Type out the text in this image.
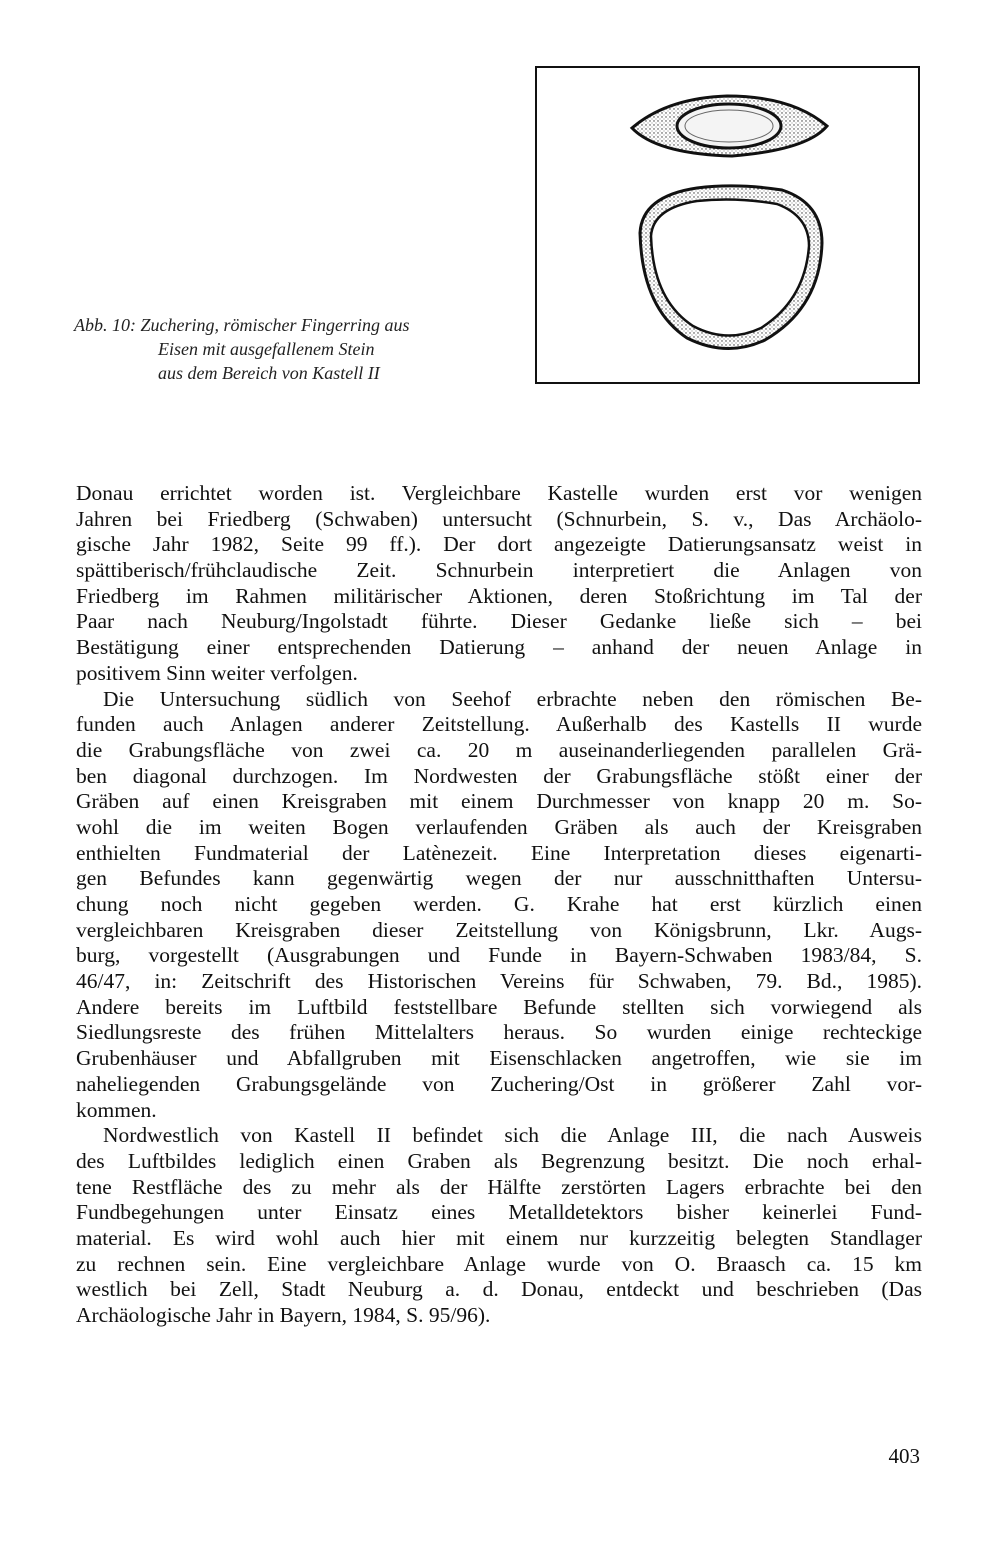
Abb. 10: Zuchering, römischer Fingerring aus
Eisen mit ausgefallenem Stein
aus dem Bereich von Kastell II
Donau errichtet worden ist. Vergleichbare Kastelle wurden erst vor wenigen
Jahren bei Friedberg (Schwaben) untersucht (Schnurbein, S. v., Das Archäolo-
gische Jahr 1982, Seite 99 ff.). Der dort angezeigte Datierungsansatz weist in
spättiberisch/frühclaudische Zeit. Schnurbein interpretiert die Anlagen von
Friedberg im Rahmen militärischer Aktionen, deren Stoßrichtung im Tal der
Paar nach Neuburg/Ingolstadt führte. Dieser Gedanke ließe sich – bei
Bestätigung einer entsprechenden Datierung – anhand der neuen Anlage in
positivem Sinn weiter verfolgen.
Die Untersuchung südlich von Seehof erbrachte neben den römischen Be-
funden auch Anlagen anderer Zeitstellung. Außerhalb des Kastells II wurde
die Grabungsfläche von zwei ca. 20 m auseinanderliegenden parallelen Grä-
ben diagonal durchzogen. Im Nordwesten der Grabungsfläche stößt einer der
Gräben auf einen Kreisgraben mit einem Durchmesser von knapp 20 m. So-
wohl die im weiten Bogen verlaufenden Gräben als auch der Kreisgraben
enthielten Fundmaterial der Latènezeit. Eine Interpretation dieses eigenarti-
gen Befundes kann gegenwärtig wegen der nur ausschnitthaften Untersu-
chung noch nicht gegeben werden. G. Krahe hat erst kürzlich einen
vergleichbaren Kreisgraben dieser Zeitstellung von Königsbrunn, Lkr. Augs-
burg, vorgestellt (Ausgrabungen und Funde in Bayern-Schwaben 1983/84, S.
46/47, in: Zeitschrift des Historischen Vereins für Schwaben, 79. Bd., 1985).
Andere bereits im Luftbild feststellbare Befunde stellten sich vorwiegend als
Siedlungsreste des frühen Mittelalters heraus. So wurden einige rechteckige
Grubenhäuser und Abfallgruben mit Eisenschlacken angetroffen, wie sie im
naheliegenden Grabungsgelände von Zuchering/Ost in größerer Zahl vor-
kommen.
Nordwestlich von Kastell II befindet sich die Anlage III, die nach Ausweis
des Luftbildes lediglich einen Graben als Begrenzung besitzt. Die noch erhal-
tene Restfläche des zu mehr als der Hälfte zerstörten Lagers erbrachte bei den
Fundbegehungen unter Einsatz eines Metalldetektors bisher keinerlei Fund-
material. Es wird wohl auch hier mit einem nur kurzzeitig belegten Standlager
zu rechnen sein. Eine vergleichbare Anlage wurde von O. Braasch ca. 15 km
westlich bei Zell, Stadt Neuburg a. d. Donau, entdeckt und beschrieben (Das
Archäologische Jahr in Bayern, 1984, S. 95/96).
403
